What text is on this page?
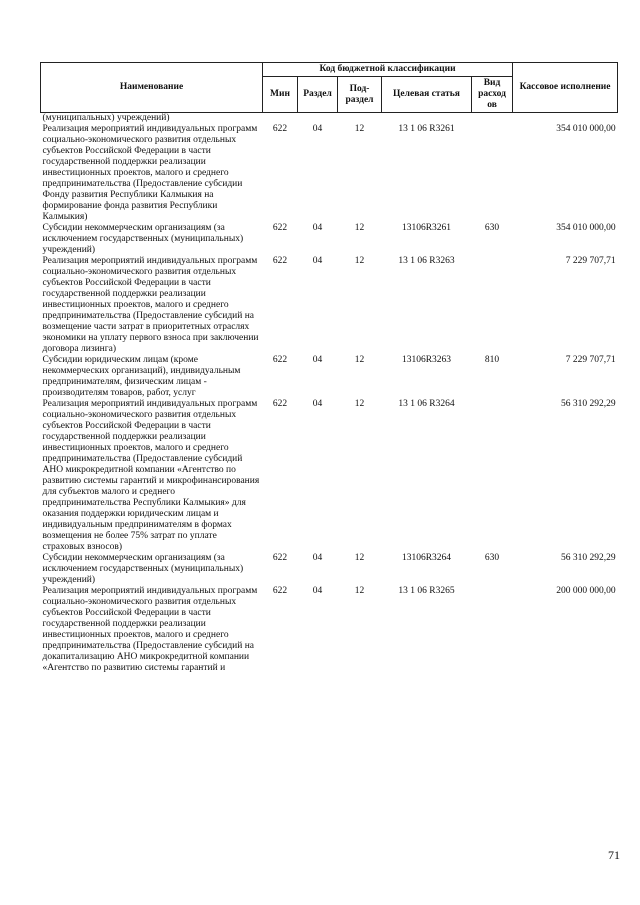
Наименование	Код бюджетной классификации					Кассовое исполнение
	Мин	Раздел	Под-раздел	Целевая статья	Вид расход ов	
(муниципальных) учреждений)						
Реализация мероприятий индивидуальных программ социально-экономического развития отдельных субъектов Российской Федерации в части государственной поддержки реализации инвестиционных проектов, малого и среднего предпринимательства (Предоставление субсидии Фонду развития Республики Калмыкия на формирование фонда развития Республики Калмыкия)	622	04	12	13 1 06 R3261		354 010 000,00
Субсидии некоммерческим организациям (за исключением государственных (муниципальных) учреждений)	622	04	12	13106R3261	630	354 010 000,00
Реализация мероприятий индивидуальных программ социально-экономического развития отдельных субъектов Российской Федерации в части государственной поддержки реализации инвестиционных проектов, малого и среднего предпринимательства (Предоставление субсидий на возмещение части затрат в приоритетных отраслях экономики на уплату первого взноса при заключении договора лизинга)	622	04	12	13 1 06 R3263		7 229 707,71
Субсидии юридическим лицам (кроме некоммерческих организаций), индивидуальным предпринимателям, физическим лицам - производителям товаров, работ, услуг	622	04	12	13106R3263	810	7 229 707,71
Реализация мероприятий индивидуальных программ социально-экономического развития отдельных субъектов Российской Федерации в части государственной поддержки реализации инвестиционных проектов, малого и среднего предпринимательства (Предоставление субсидий АНО микрокредитной компании «Агентство по развитию системы гарантий и микрофинансирования для субъектов малого и среднего предпринимательства Республики Калмыкия» для оказания поддержки юридическим лицам и индивидуальным предпринимателям в формах возмещения не более 75% затрат по уплате страховых взносов)	622	04	12	13 1 06 R3264		56 310 292,29
Субсидии некоммерческим организациям (за исключением государственных (муниципальных) учреждений)	622	04	12	13106R3264	630	56 310 292,29
Реализация мероприятий индивидуальных программ социально-экономического развития отдельных субъектов Российской Федерации в части государственной поддержки реализации инвестиционных проектов, малого и среднего предпринимательства (Предоставление субсидий на докапитализацию АНО микрокредитной компании «Агентство по развитию системы гарантий и	622	04	12	13 1 06 R3265		200 000 000,00
71
